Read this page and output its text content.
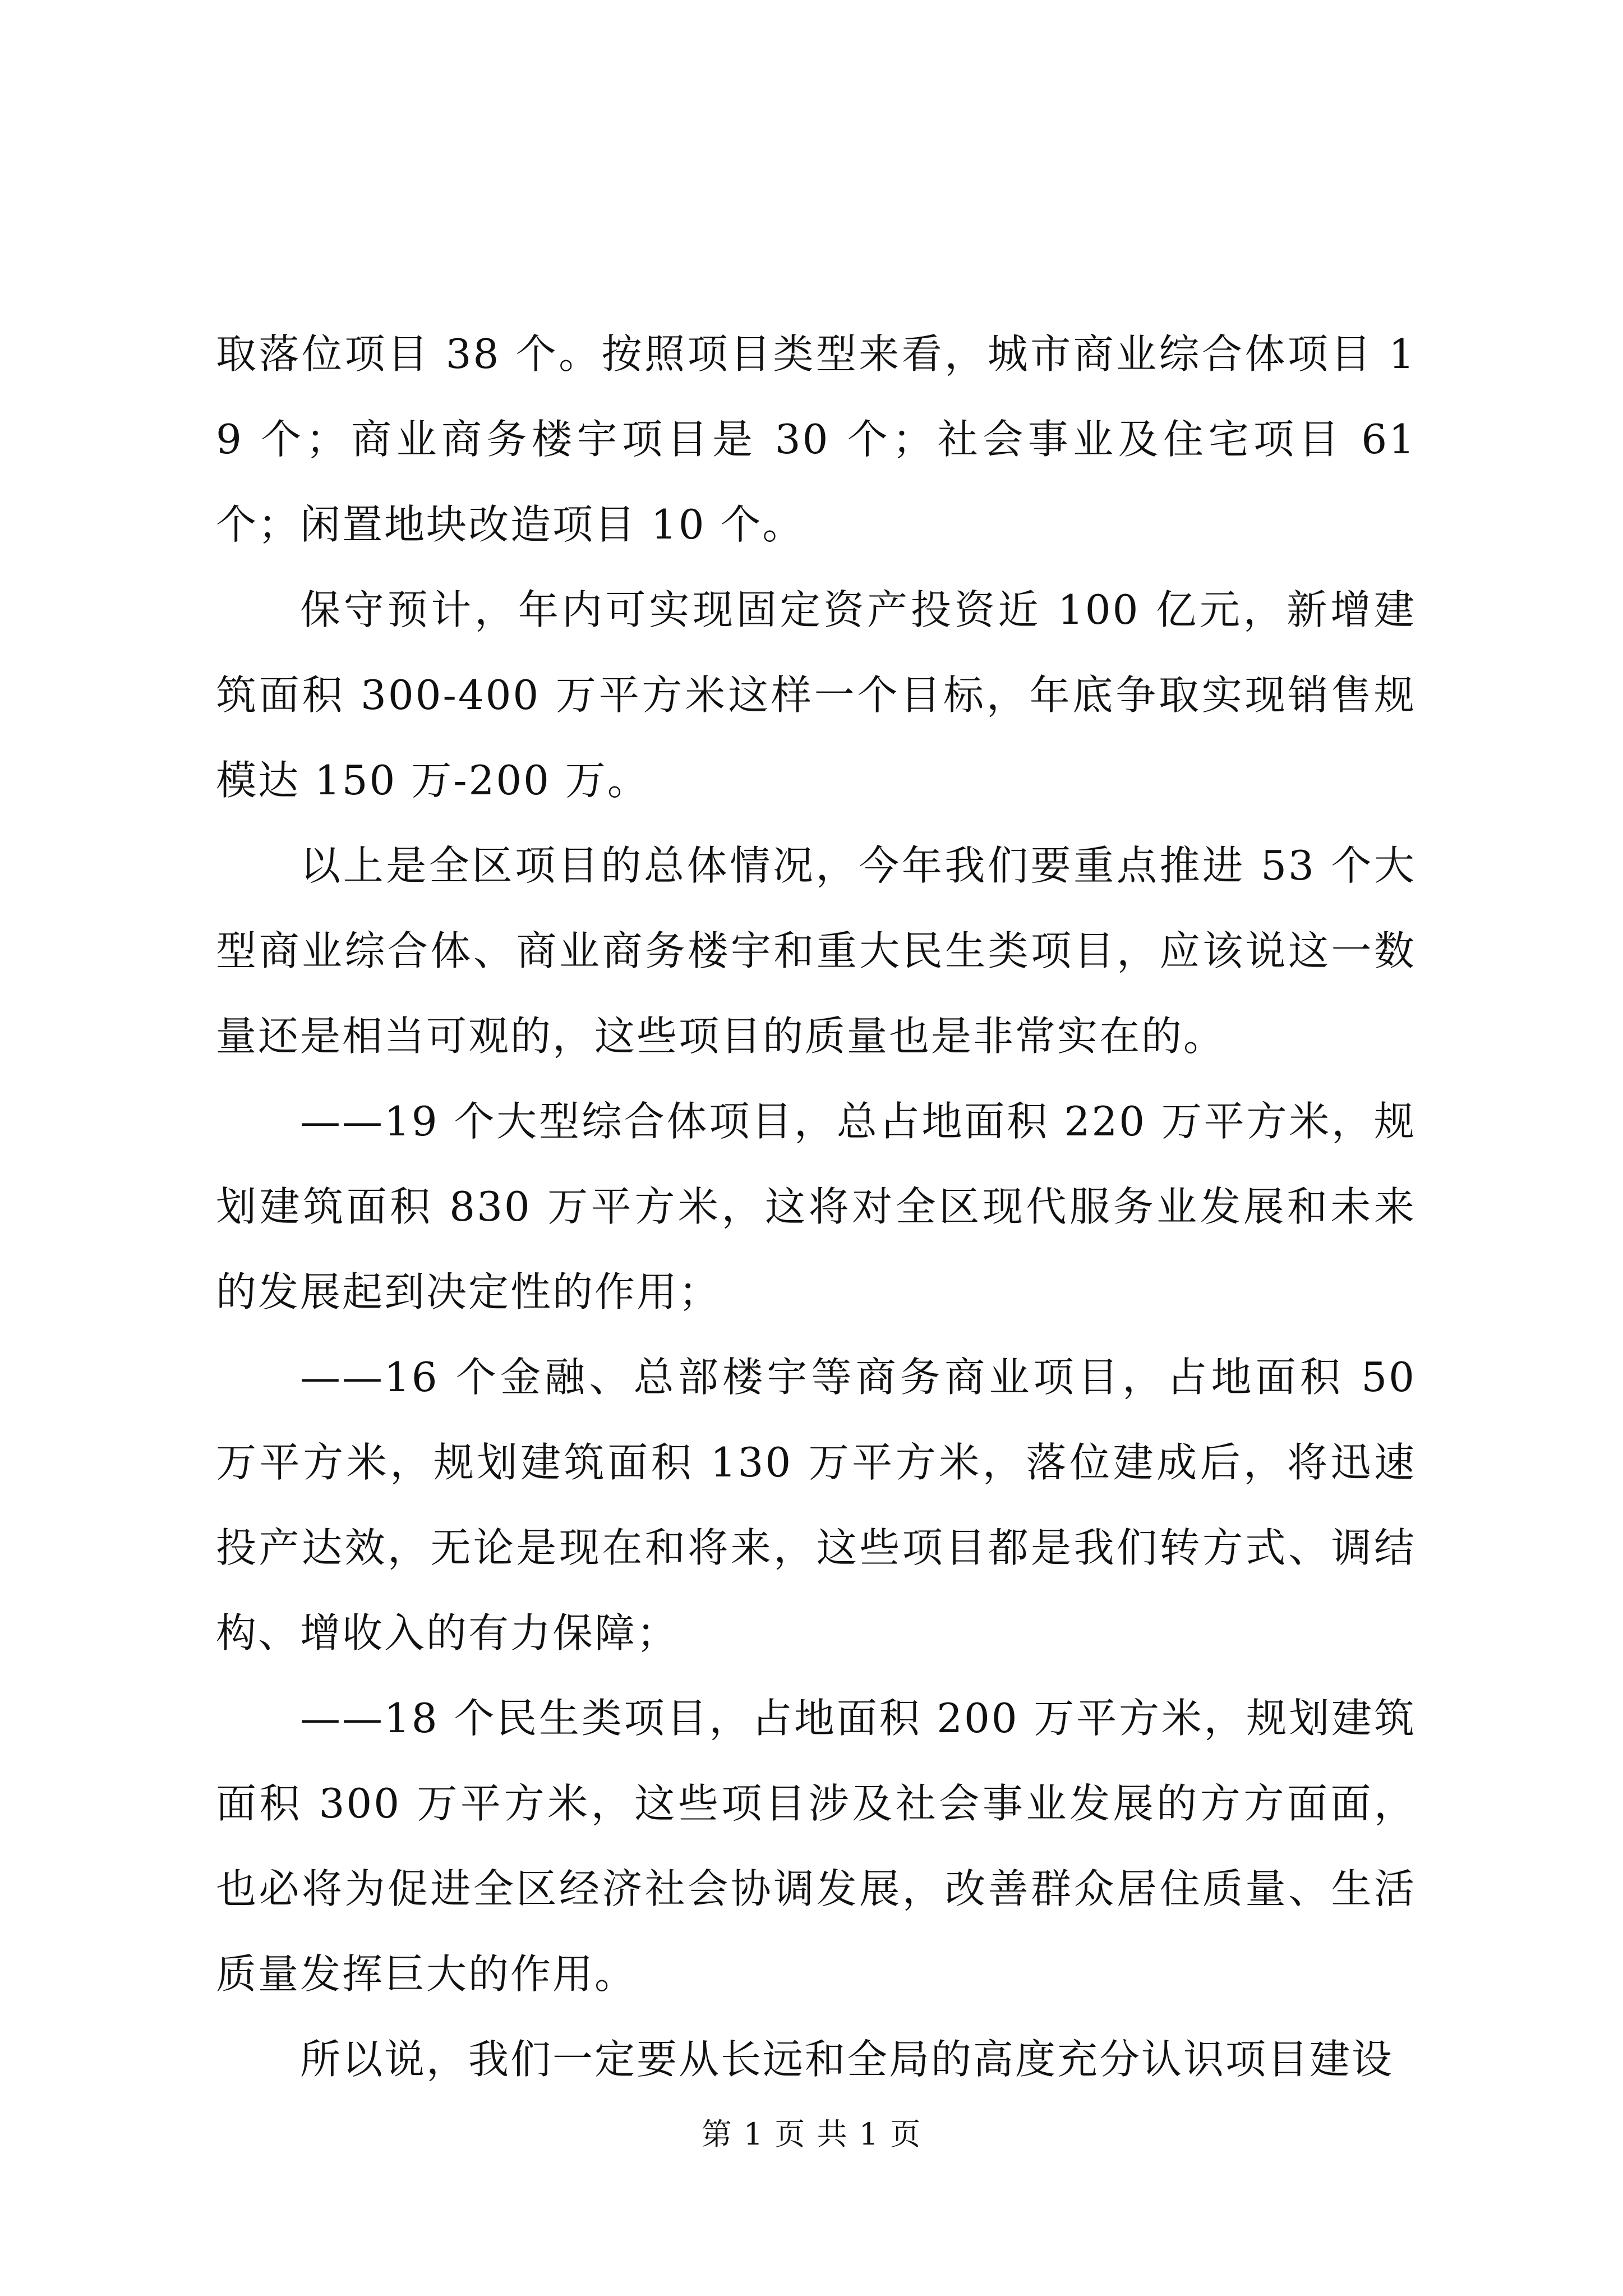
取落位项目 38 个。按照项目类型来看，城市商业综合体项目 19 个；商业商务楼宇项目是 30 个；社会事业及住宅项目 61 个；闲置地块改造项目 10 个。

保守预计，年内可实现固定资产投资近 100 亿元，新增建筑面积 300-400 万平方米这样一个目标，年底争取实现销售规模达 150 万-200 万。

以上是全区项目的总体情况，今年我们要重点推进 53 个大型商业综合体、商业商务楼宇和重大民生类项目，应该说这一数量还是相当可观的，这些项目的质量也是非常实在的。

——19 个大型综合体项目，总占地面积 220 万平方米，规划建筑面积 830 万平方米，这将对全区现代服务业发展和未来的发展起到决定性的作用；

——16 个金融、总部楼宇等商务商业项目，占地面积 50 万平方米，规划建筑面积 130 万平方米，落位建成后，将迅速投产达效，无论是现在和将来，这些项目都是我们转方式、调结构、增收入的有力保障；

——18 个民生类项目，占地面积 200 万平方米，规划建筑面积 300 万平方米，这些项目涉及社会事业发展的方方面面，也必将为促进全区经济社会协调发展，改善群众居住质量、生活质量发挥巨大的作用。

所以说，我们一定要从长远和全局的高度充分认识项目建设

第 1 页 共 1 页
